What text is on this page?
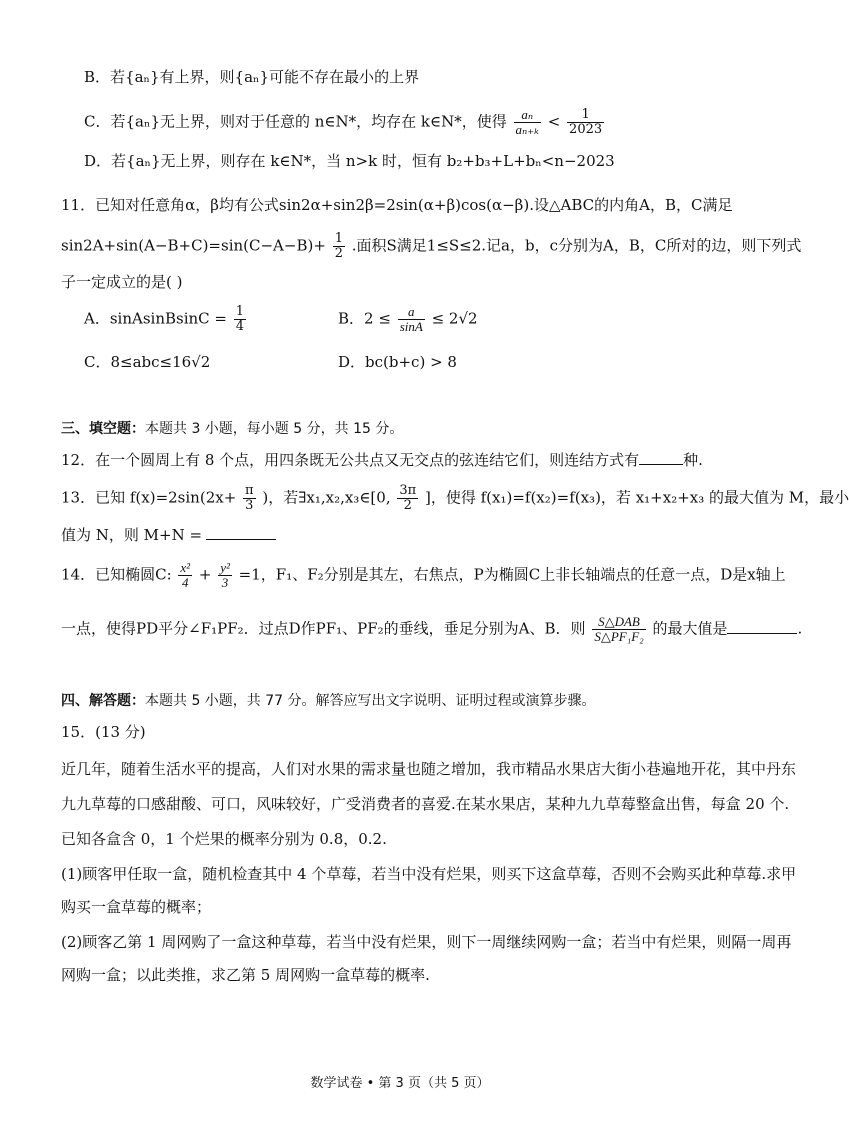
B．若{aₙ}有上界，则{aₙ}可能不存在最小的上界
C．若{aₙ}无上界，则对于任意的 n∈N*，均存在 k∈N*，使得 $\frac{\text{aₙ}}{\text{aₙ₊ₖ}} < \frac{1}{2023}$
D．若{aₙ}无上界，则存在 k∈N*，当 n>k 时，恒有 b₂+b₃+L+bₙ<n−2023
11．已知对任意角α，β均有公式sin2α+sin2β=2sin(α+β)cos(α−β).设△ABC的内角A，B，C满足
$\sin 2A+\sin(A-B+C)=\sin(C-A-B)+ \frac{1}{2}$ .面积S满足1≤S≤2.记a，b，c分别为A，B，C所对的边，则下列式
子一定成立的是( )
A．sinAsinBsinC = $\frac{1}{4}$	B．$2 \le \frac{a}{\sin A} \le 2√2$
C．8≤abc≤16√2	D．bc(b+c) > 8
三、填空题：本题共 3 小题，每小题 5 分，共 15 分。
12．在一个圆周上有 8 个点，用四条既无公共点又无交点的弦连结它们，则连结方式有	种.
13．已知 $f(x)=2\sin(2x+ \frac{\pi}{3}$ )，若∃x₁,x₂,x₃∈[0, $\frac{3\pi}{2}$ ]，使得 f(x₁)=f(x₂)=f(x₃)，若 x₁+x₂+x₃ 的最大值为 M，最小
值为 N，则 M+N =
14．已知椭圆C: $\frac{\text{x²}}{4} + \frac{\text{y²}}{3} =1$，F₁、F₂分别是其左，右焦点，P为椭圆C上非长轴端点的任意一点，D是x轴上
一点，使得PD平分∠F₁PF₂．过点D作PF₁、PF₂的垂线，垂足分别为A、B．则 $\frac{\text{S△DAB}}{\text{S△PF₁F₂}}$ 的最大值是	.
四、解答题：本题共 5 小题，共 77 分。解答应写出文字说明、证明过程或演算步骤。
15．(13 分)
近几年，随着生活水平的提高，人们对水果的需求量也随之增加，我市精品水果店大街小巷遍地开花，其中丹东
九九草莓的口感甜酸、可口，风味较好，广受消费者的喜爱.在某水果店，某种九九草莓整盒出售，每盒 20 个.
已知各盒含 0，1 个烂果的概率分别为 0.8，0.2.
(1)顾客甲任取一盒，随机检查其中 4 个草莓，若当中没有烂果，则买下这盒草莓，否则不会购买此种草莓.求甲
购买一盒草莓的概率；
(2)顾客乙第 1 周网购了一盒这种草莓，若当中没有烂果，则下一周继续网购一盒；若当中有烂果，则隔一周再
网购一盒；以此类推，求乙第 5 周网购一盒草莓的概率.
数学试卷 • 第 3 页（共 5 页）
